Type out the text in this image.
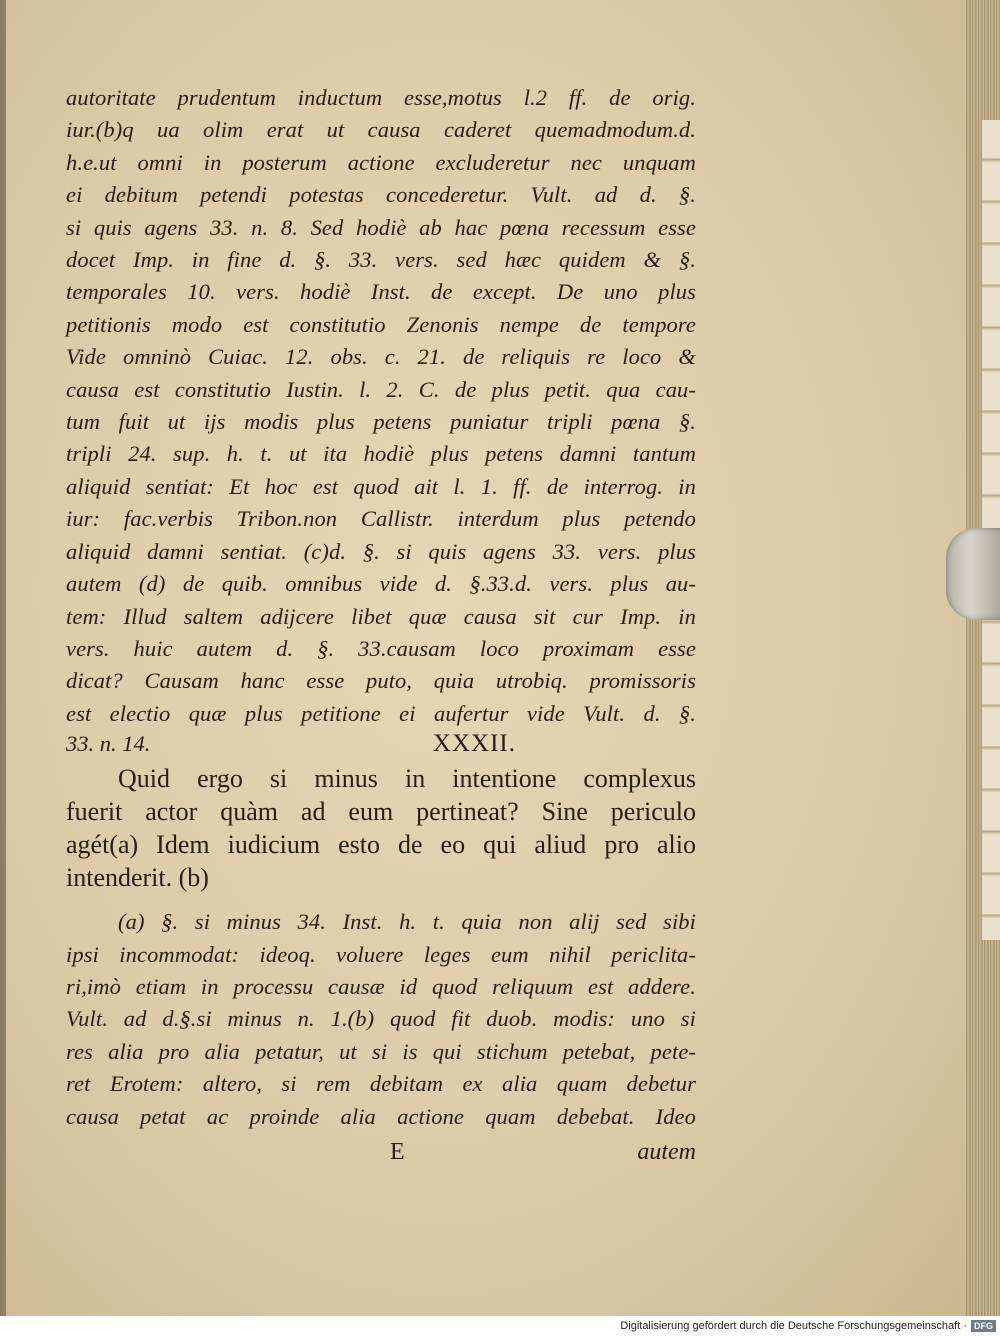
autoritate prudentum inductum esse,motus l.2 ff. de orig.

iur.(b)q ua olim erat ut causa caderet quemadmodum.d.

h.e.ut omni in posterum actione excluderetur nec unquam

ei debitum petendi potestas concederetur. Vult. ad d. §.

si quis agens 33. n. 8. Sed hodiè ab hac pœna recessum esse

docet Imp. in fine d. §. 33. vers. sed hæc quidem & §.

temporales 10. vers. hodiè Inst. de except. De uno plus

petitionis modo est constitutio Zenonis nempe de tempore

Vide omninò Cuiac. 12. obs. c. 21. de reliquis re loco &

causa est constitutio Iustin. l. 2. C. de plus petit. qua cau-

tum fuit ut ijs modis plus petens puniatur tripli pœna §.

tripli 24. sup. h. t. ut ita hodiè plus petens damni tantum

aliquid sentiat: Et hoc est quod ait l. 1. ff. de interrog. in

iur: fac.verbis Tribon.non Callistr. interdum plus petendo

aliquid damni sentiat. (c)d. §. si quis agens 33. vers. plus

autem (d) de quib. omnibus vide d. §.33.d. vers. plus au-

tem: Illud saltem adijcere libet quæ causa sit cur Imp. in

vers. huic autem d. §. 33.causam loco proximam esse

dicat? Causam hanc esse puto, quia utrobiq. promissoris

est electio quæ plus petitione ei aufertur vide Vult. d. §.

33. n. 14.	XXXII.

Quid ergo si minus in intentione complexus

fuerit actor quàm ad eum pertineat? Sine periculo

agét(a) Idem iudicium esto de eo qui aliud pro alio

intenderit. (b)

(a) §. si minus 34. Inst. h. t. quia non alij sed sibi

ipsi incommodat: ideoq. voluere leges eum nihil periclita-

ri,imò etiam in processu causæ id quod reliquum est addere.

Vult. ad d.§.si minus n. 1.(b) quod fit duob. modis: uno si

res alia pro alia petatur, ut si is qui stichum petebat, pete-

ret Erotem: altero, si rem debitam ex alia quam debetur

causa petat ac proinde alia actione quam debebat. Ideo

E	autem
Digitalisierung gefördert durch die Deutsche Forschungsgemeinschaft · DFG
